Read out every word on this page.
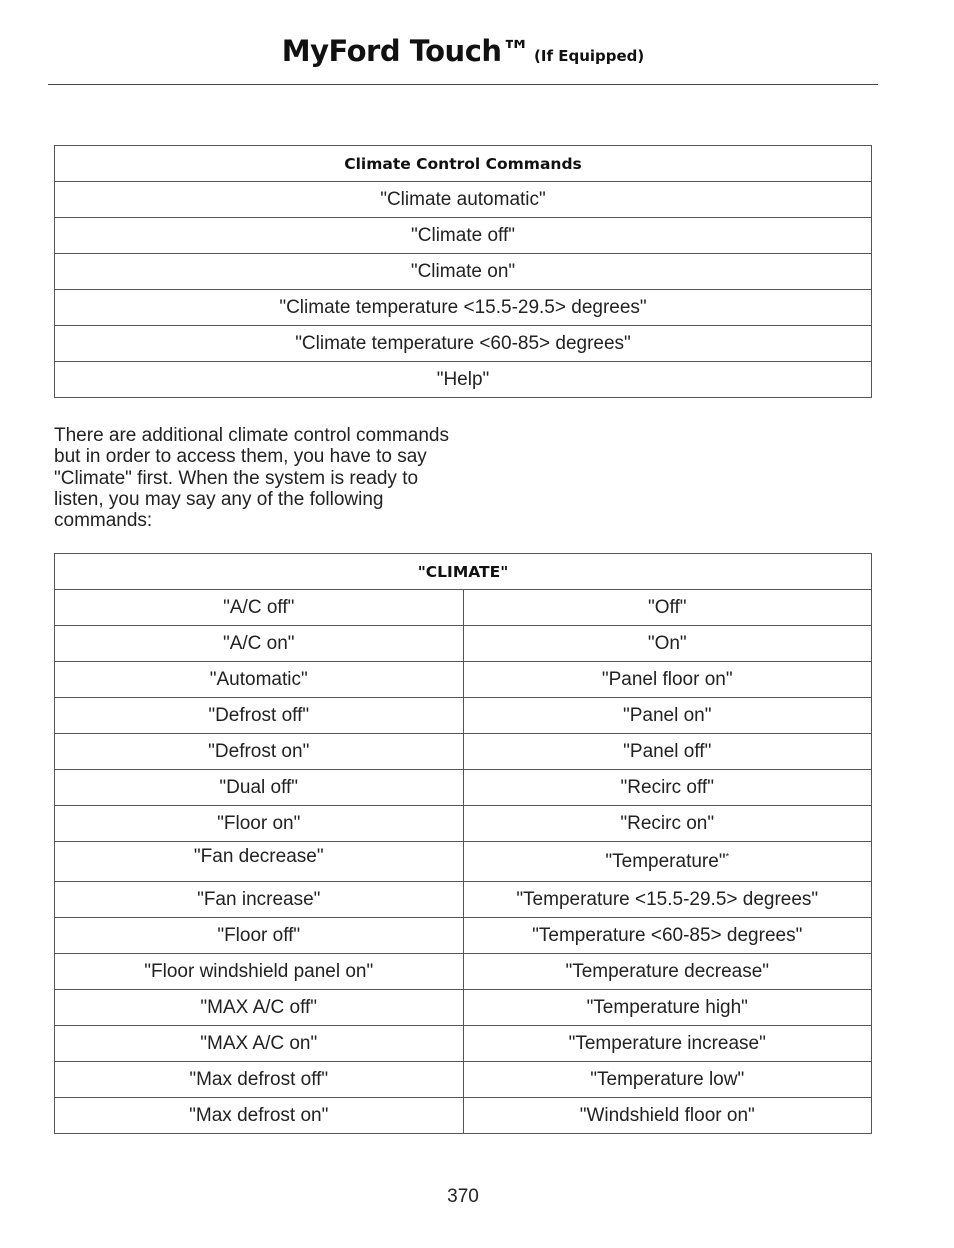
MyFord Touch™ (If Equipped)
Climate Control Commands
"Climate automatic"
"Climate off"
"Climate on"
"Climate temperature <15.5-29.5> degrees"
"Climate temperature <60-85> degrees"
"Help"
There are additional climate control commands but in order to access them, you have to say "Climate" first. When the system is ready to listen, you may say any of the following commands:
"CLIMATE"	
"A/C off"	"Off"
"A/C on"	"On"
"Automatic"	"Panel floor on"
"Defrost off"	"Panel on"
"Defrost on"	"Panel off"
"Dual off"	"Recirc off"
"Floor on"	"Recirc on"
"Fan decrease"	"Temperature"*
"Fan increase"	"Temperature <15.5-29.5> degrees"
"Floor off"	"Temperature <60-85> degrees"
"Floor windshield panel on"	"Temperature decrease"
"MAX A/C off"	"Temperature high"
"MAX A/C on"	"Temperature increase"
"Max defrost off"	"Temperature low"
"Max defrost on"	"Windshield floor on"
370
